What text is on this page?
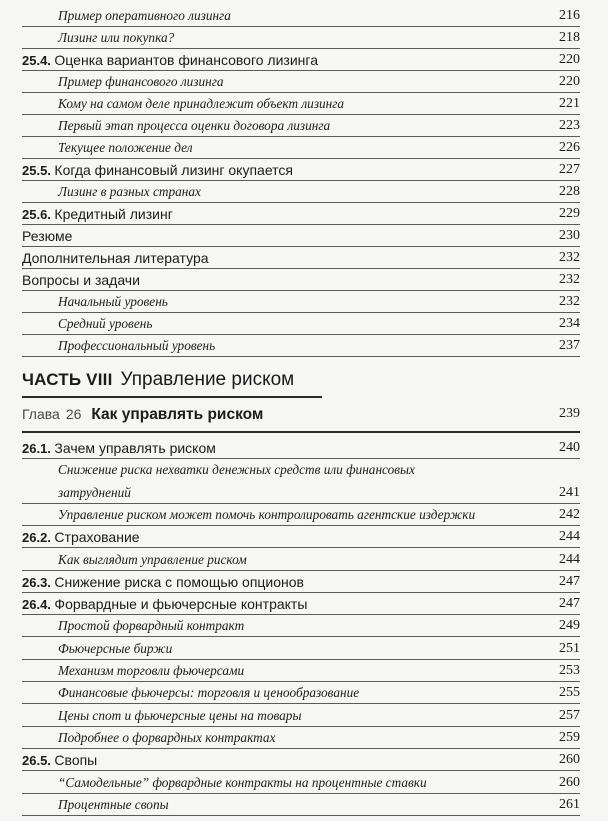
Пример оперативного лизинга	216
Лизинг или покупка?	218
25.4. Оценка вариантов финансового лизинга	220
Пример финансового лизинга	220
Кому на самом деле принадлежит объект лизинга	221
Первый этап процесса оценки договора лизинга	223
Текущее положение дел	226
25.5. Когда финансовый лизинг окупается	227
Лизинг в разных странах	228
25.6. Кредитный лизинг	229
Резюме	230
Дополнительная литература	232
Вопросы и задачи	232
Начальный уровень	232
Средний уровень	234
Профессиональный уровень	237
ЧАСТЬ VIII Управление риском
Глава 26 Как управлять риском	239
26.1. Зачем управлять риском	240
Снижение риска нехватки денежных средств или финансовых
затруднений	241
Управление риском может помочь контролировать агентские издержки	242
26.2. Страхование	244
Как выглядит управление риском	244
26.3. Снижение риска с помощью опционов	247
26.4. Форвардные и фьючерсные контракты	247
Простой форвардный контракт	249
Фьючерсные биржи	251
Механизм торговли фьючерсами	253
Финансовые фьючерсы: торговля и ценообразование	255
Цены спот и фьючерсные цены на товары	257
Подробнее о форвардных контрактах	259
26.5. Свопы	260
“Самодельные” форвардные контракты на процентные ставки	260
Процентные свопы	261
